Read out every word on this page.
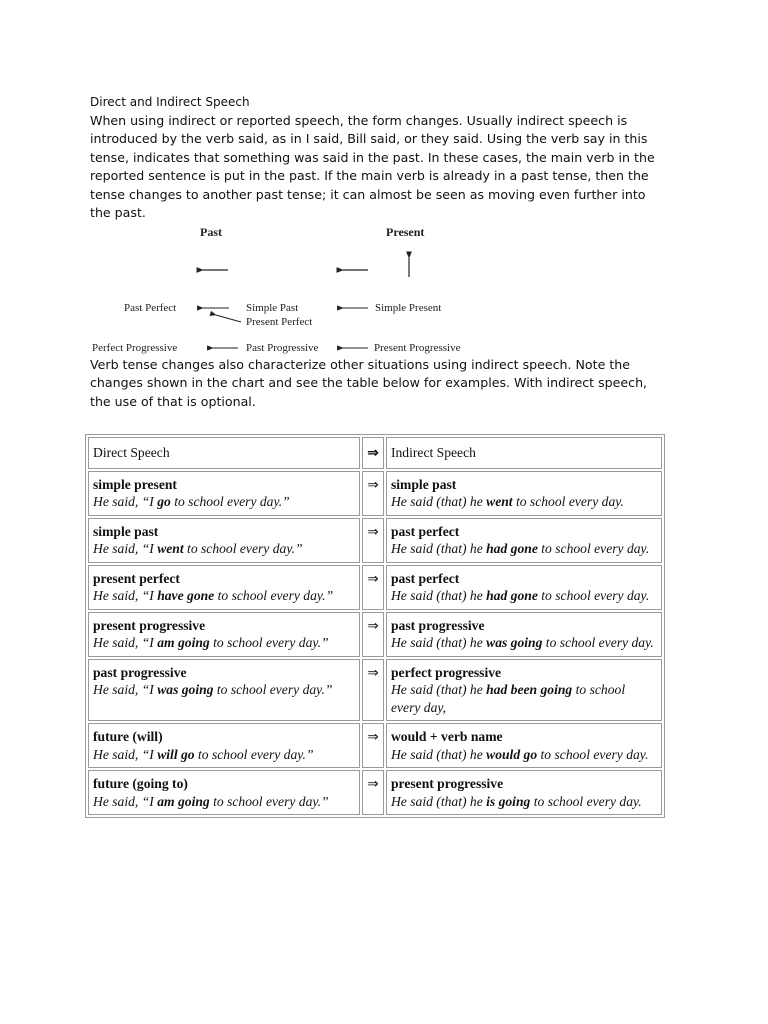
Direct and Indirect Speech
When using indirect or reported speech, the form changes. Usually indirect speech is introduced by the verb said, as in I said, Bill said, or they said. Using the verb say in this tense, indicates that something was said in the past. In these cases, the main verb in the reported sentence is put in the past. If the main verb is already in a past tense, then the tense changes to another past tense; it can almost be seen as moving even further into the past.
Past	Present
Past Perfect	Simple Past
Present Perfect
Simple Present
Perfect Progressive	Past Progressive	Present Progressive
Verb tense changes also characterize other situations using indirect speech. Note the changes shown in the chart and see the table below for examples. With indirect speech, the use of that is optional.
Direct Speech	⇒	Indirect Speech

simple present
He said, “I go to school every day.”	⇒	simple past
He said (that) he went to school every day.

simple past
He said, “I went to school every day.”	⇒	past perfect
He said (that) he had gone to school every day.

present perfect
He said, “I have gone to school every day.”	⇒	past perfect
He said (that) he had gone to school every day.

present progressive
He said, “I am going to school every day.”	⇒	past progressive
He said (that) he was going to school every day.

past progressive
He said, “I was going to school every day.”	⇒	perfect progressive
He said (that) he had been going to school every day,

future (will)
He said, “I will go to school every day.”	⇒	would + verb name
He said (that) he would go to school every day.

future (going to)
He said, “I am going to school every day.”	⇒	present progressive
He said (that) he is going to school every day.
